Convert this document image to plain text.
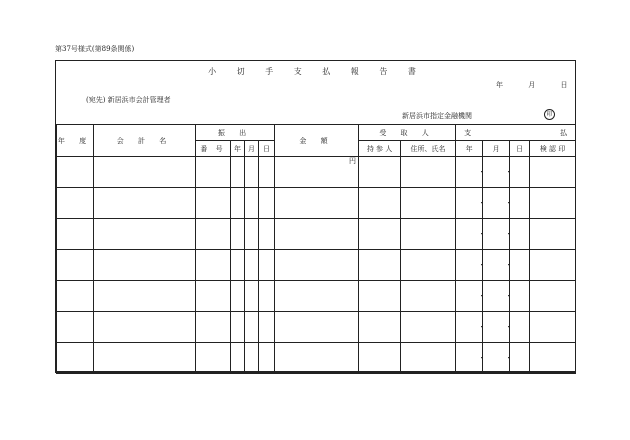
第37号様式(第89条関係)
小 切 手 支 払 報 告 書
年	月	日
(宛先) 新居浜市会計管理者
新居浜市指定金融機関	印
年 度	会 計 名	振 出				金 額	受 取 人		支 払			

		番 号	年	月	日		持 参 人	住所、氏名	年	月	日	検 認 印
						円			・	・		

									・	・		

									・	・		

									・	・		

									・	・		

									・	・		

									・	・		
